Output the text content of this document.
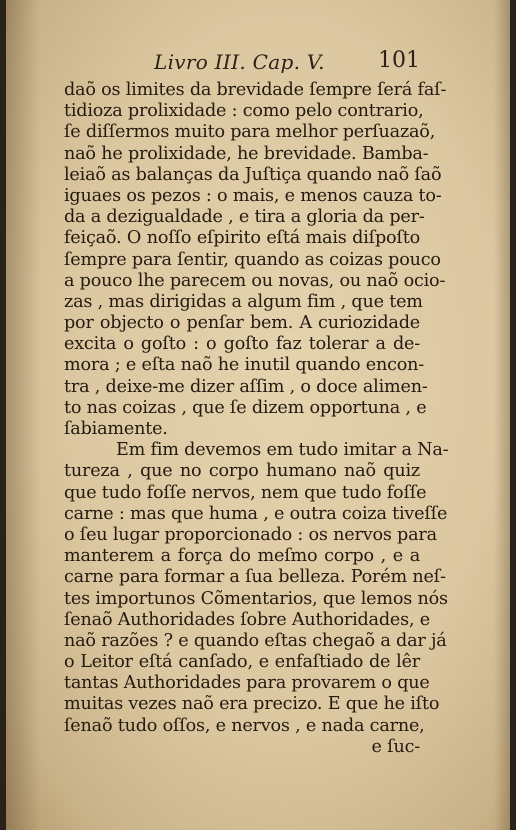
Livro III. Cap. V. 101
daõ os limites da brevidade ſempre ſerá faſ-
tidioza prolixidade : como pelo contrario,
ſe diſſermos muito para melhor perſuazaõ,
naõ he prolixidade, he brevidade. Bamba-
leiaõ as balanças da Juſtiça quando naõ ſaõ
iguaes os pezos : o mais, e menos cauza to-
da a dezigualdade , e tira a gloria da per-
feiçaõ. O noſſo eſpirito eſtá mais diſpoſto
ſempre para ſentir, quando as coizas pouco
a pouco lhe parecem ou novas, ou naõ ocio-
zas , mas dirigidas a algum fim , que tem
por objecto o penſar bem. A curiozidade
excita o goſto : o goſto faz tolerar a de-
mora ; e eſta naõ he inutil quando encon-
tra , deixe-me dizer aſſim , o doce alimen-
to nas coizas , que ſe dizem opportuna , e
ſabiamente.
Em fim devemos em tudo imitar a Na-
tureza , que no corpo humano naõ quiz
que tudo foſſe nervos, nem que tudo foſſe
carne : mas que huma , e outra coiza tiveſſe
o ſeu lugar proporcionado : os nervos para
manterem a força do meſmo corpo , e a
carne para formar a ſua belleza. Porém neſ-
tes importunos Cõmentarios, que lemos nós
ſenaõ Authoridades ſobre Authoridades, e
naõ razões ? e quando eſtas chegaõ a dar já
o Leitor eſtá canſado, e enfaſtiado de lêr
tantas Authoridades para provarem o que
muitas vezes naõ era precizo. E que he iſto
ſenaõ tudo oſſos, e nervos , e nada carne,
e ſuc-
